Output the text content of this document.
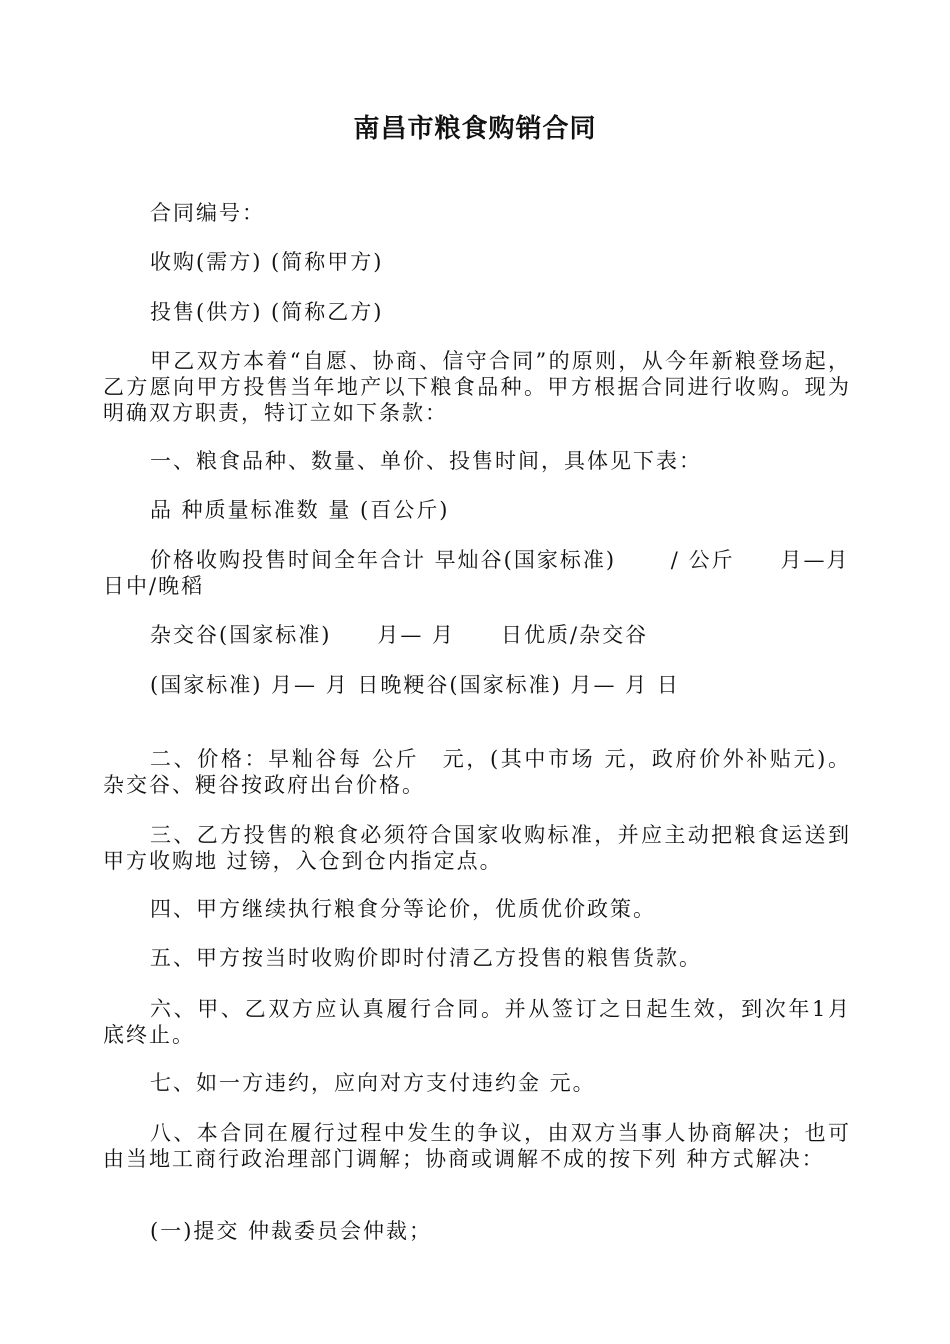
南昌市粮食购销合同
合同编号：
收购(需方) (简称甲方)
投售(供方) (简称乙方)
甲乙双方本着“自愿、协商、信守合同”的原则，从今年新粮登场起，乙方愿向甲方投售当年地产以下粮食品种。甲方根据合同进行收购。现为明确双方职责，特订立如下条款：
一、粮食品种、数量、单价、投售时间，具体见下表：
品 种质量标准数 量 (百公斤)
价格收购投售时间全年合计 早灿谷(国家标准)　　 / 公斤　　月—月　日中/晚稻
杂交谷(国家标准)　　月— 月　　日优质/杂交谷
(国家标准) 月— 月 日晚粳谷(国家标准) 月— 月 日
二、价格：早籼谷每 公斤　元，(其中市场 元，政府价外补贴元)。杂交谷、粳谷按政府出台价格。
三、乙方投售的粮食必须符合国家收购标准，并应主动把粮食运送到甲方收购地 过镑，入仓到仓内指定点。
四、甲方继续执行粮食分等论价，优质优价政策。
五、甲方按当时收购价即时付清乙方投售的粮售货款。
六、甲、乙双方应认真履行合同。并从签订之日起生效，到次年1月底终止。
七、如一方违约，应向对方支付违约金 元。
八、本合同在履行过程中发生的争议，由双方当事人协商解决；也可由当地工商行政治理部门调解；协商或调解不成的按下列 种方式解决：
(一)提交 仲裁委员会仲裁；
